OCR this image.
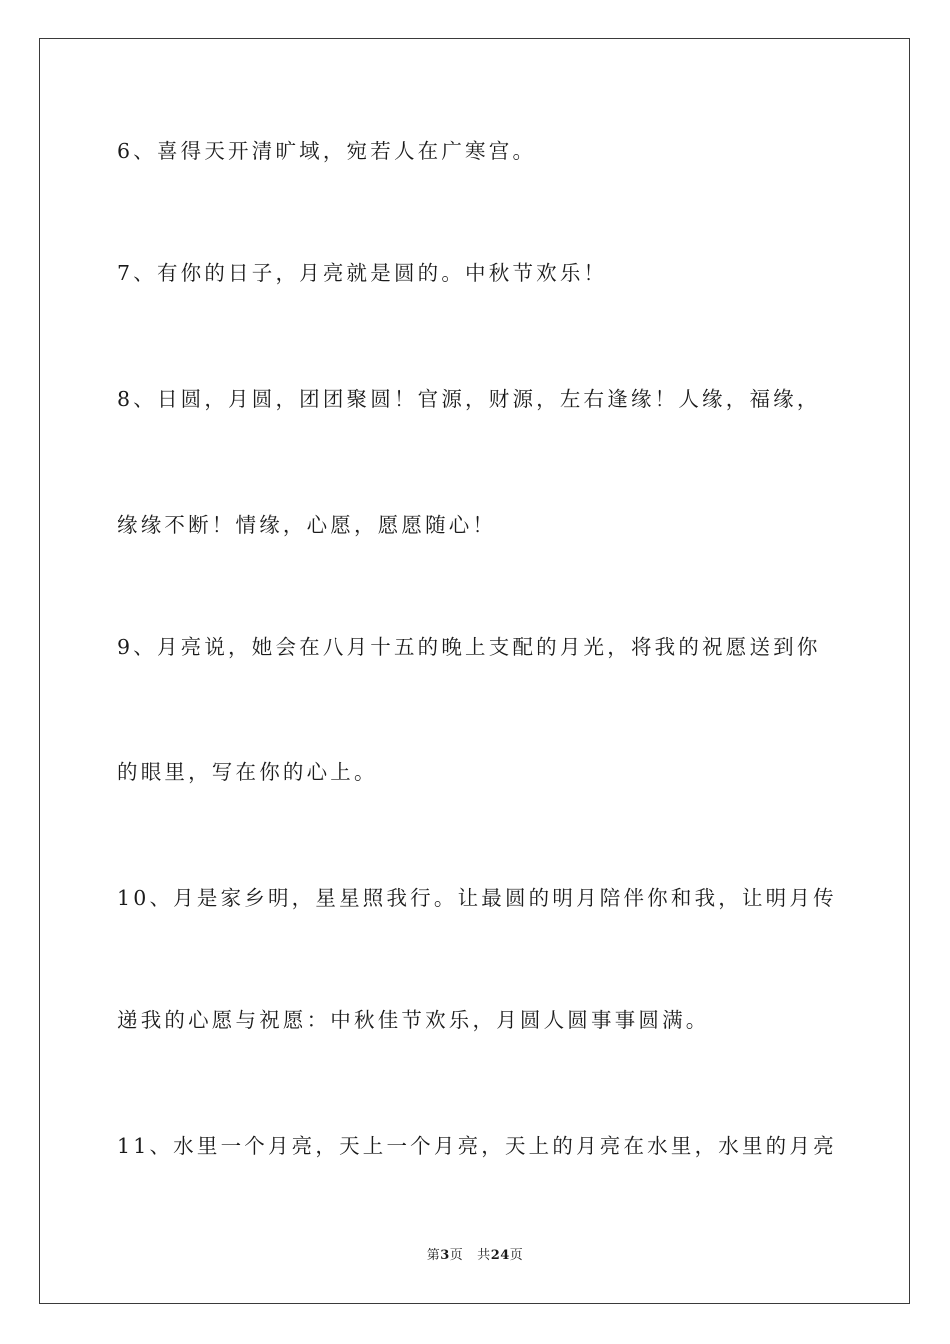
6、喜得天开清旷域，宛若人在广寒宫。
7、有你的日子，月亮就是圆的。中秋节欢乐！
8、日圆，月圆，团团聚圆！官源，财源，左右逢缘！人缘，福缘，
缘缘不断！情缘，心愿，愿愿随心！
9、月亮说，她会在八月十五的晚上支配的月光，将我的祝愿送到你
的眼里，写在你的心上。
10、月是家乡明，星星照我行。让最圆的明月陪伴你和我，让明月传
递我的心愿与祝愿：中秋佳节欢乐，月圆人圆事事圆满。
11、水里一个月亮，天上一个月亮，天上的月亮在水里，水里的月亮
第3页 共24页
